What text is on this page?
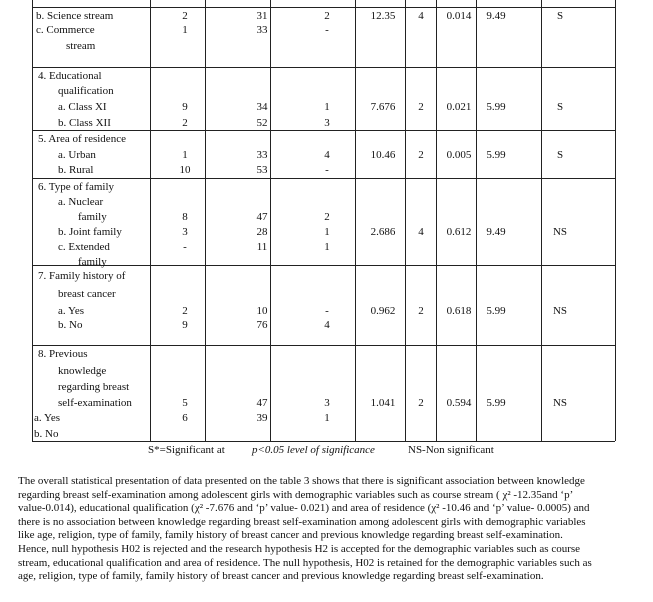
b. Science stream	2	31	2	12.35	4	0.014	9.49	S
c. Commerce	1	33	-
stream
4. Educational
qualification
a. Class XI	9	34	1	7.676	2	0.021	5.99	S
b. Class XII	2	52	3
5. Area of residence
a. Urban	1	33	4	10.46	2	0.005	5.99	S
b. Rural	10	53	-
6. Type of family
a. Nuclear
family	8	47	2
b. Joint family	3	28	1	2.686	4	0.612	9.49	NS
c. Extended	-	11	1
family
7. Family history of
breast cancer
a. Yes	2	10	-	0.962	2	0.618	5.99	NS
b. No	9	76	4
8. Previous
knowledge
regarding breast
self-examination	5	47	3	1.041	2	0.594	5.99	NS
a. Yes	6	39	1
b. No
S*=Significant at p<0.05 level of significance	NS-Non significant
The overall statistical presentation of data presented on the table 3 shows that there is significant association between knowledge
regarding breast self-examination among adolescent girls with demographic variables such as course stream ( χ² -12.35and ‘p’
value-0.014), educational qualification (χ² -7.676 and ‘p’ value- 0.021) and area of residence (χ² -10.46 and ‘p’ value- 0.0005) and
there is no association between knowledge regarding breast self-examination among adolescent girls with demographic variables
like age, religion, type of family, family history of breast cancer and previous knowledge regarding breast self-examination.
Hence, null hypothesis H02 is rejected and the research hypothesis H2 is accepted for the demographic variables such as course
stream, educational qualification and area of residence. The null hypothesis, H02 is retained for the demographic variables such as
age, religion, type of family, family history of breast cancer and previous knowledge regarding breast self-examination.
